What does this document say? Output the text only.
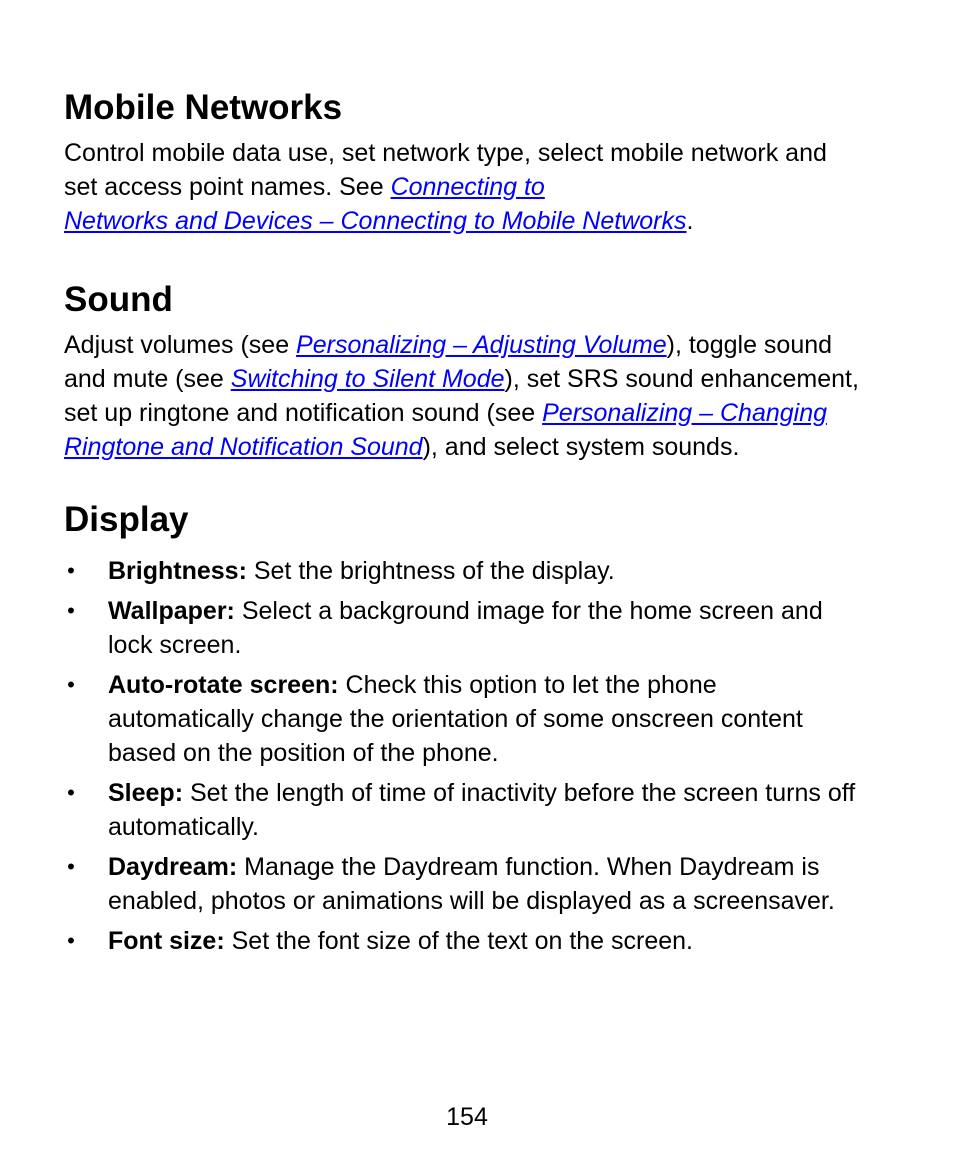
Mobile Networks

Control mobile data use, set network type, select mobile network and set access point names. See Connecting to
Networks and Devices – Connecting to Mobile Networks.

Sound

Adjust volumes (see Personalizing – Adjusting Volume), toggle sound and mute (see Switching to Silent Mode), set SRS sound enhancement, set up ringtone and notification sound (see Personalizing – Changing Ringtone and Notification Sound), and select system sounds.

Display
• Brightness: Set the brightness of the display.
• Wallpaper: Select a background image for the home screen and lock screen.
• Auto-rotate screen: Check this option to let the phone automatically change the orientation of some onscreen content based on the position of the phone.
• Sleep: Set the length of time of inactivity before the screen turns off automatically.
• Daydream: Manage the Daydream function. When Daydream is enabled, photos or animations will be displayed as a screensaver.
• Font size: Set the font size of the text on the screen.
154
